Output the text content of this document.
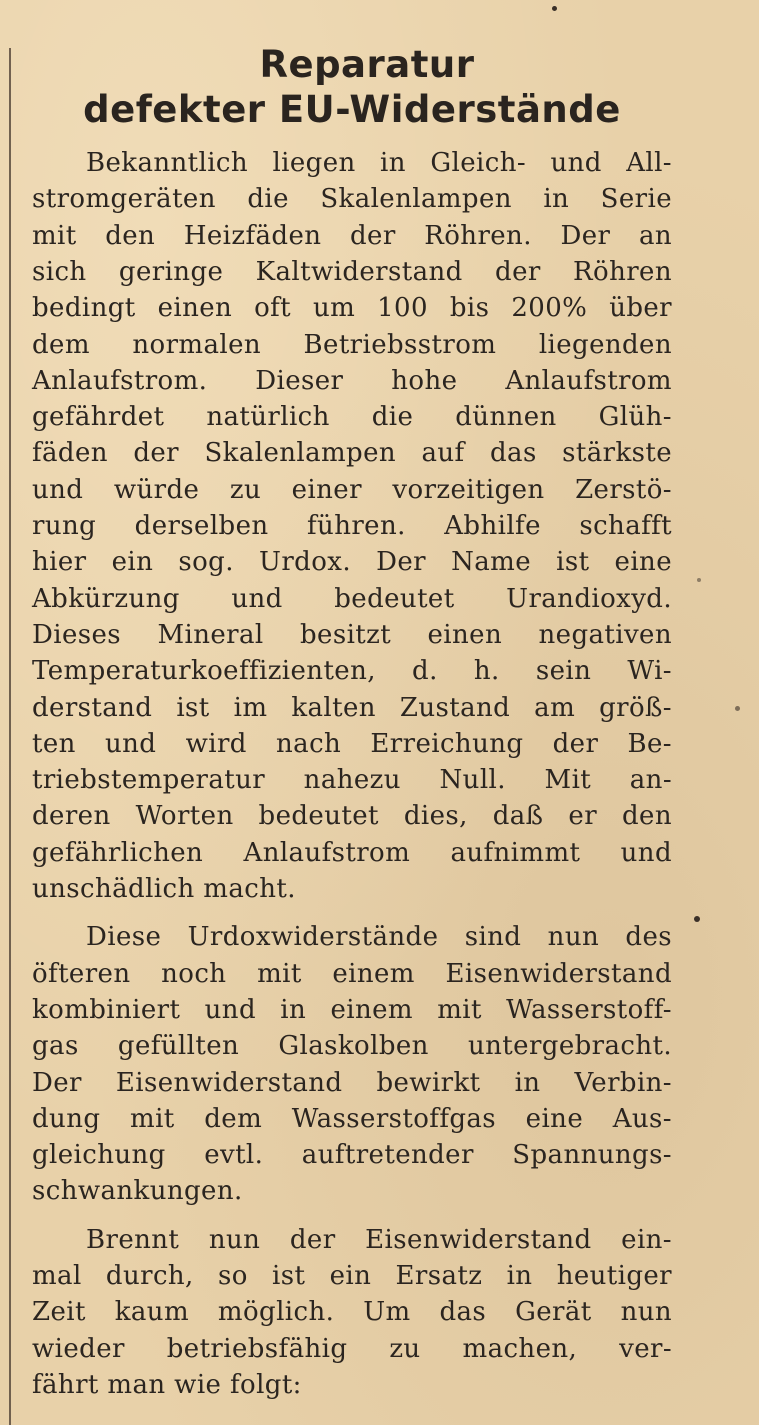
Reparatur
defekter EU-Widerstände
Bekanntlich liegen in Gleich- und All-
stromgeräten die Skalenlampen in Serie
mit den Heizfäden der Röhren. Der an
sich geringe Kaltwiderstand der Röhren
bedingt einen oft um 100 bis 200% über
dem normalen Betriebsstrom liegenden
Anlaufstrom. Dieser hohe Anlaufstrom
gefährdet natürlich die dünnen Glüh-
fäden der Skalenlampen auf das stärkste
und würde zu einer vorzeitigen Zerstö-
rung derselben führen. Abhilfe schafft
hier ein sog. Urdox. Der Name ist eine
Abkürzung und bedeutet Urandioxyd.
Dieses Mineral besitzt einen negativen
Temperaturkoeffizienten, d. h. sein Wi-
derstand ist im kalten Zustand am größ-
ten und wird nach Erreichung der Be-
triebstemperatur nahezu Null. Mit an-
deren Worten bedeutet dies, daß er den
gefährlichen Anlaufstrom aufnimmt und
unschädlich macht.
Diese Urdoxwiderstände sind nun des
öfteren noch mit einem Eisenwiderstand
kombiniert und in einem mit Wasserstoff-
gas gefüllten Glaskolben untergebracht.
Der Eisenwiderstand bewirkt in Verbin-
dung mit dem Wasserstoffgas eine Aus-
gleichung evtl. auftretender Spannungs-
schwankungen.
Brennt nun der Eisenwiderstand ein-
mal durch, so ist ein Ersatz in heutiger
Zeit kaum möglich. Um das Gerät nun
wieder betriebsfähig zu machen, ver-
fährt man wie folgt:
